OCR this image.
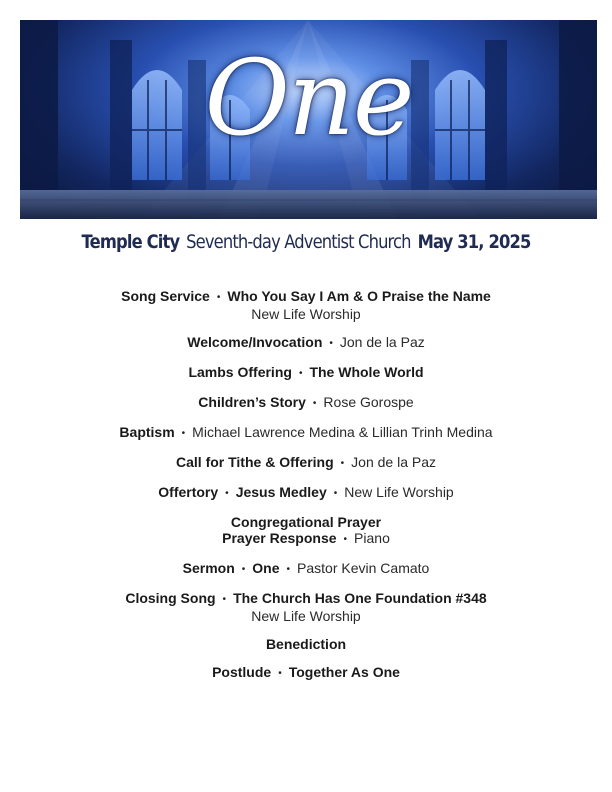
One
Temple City Seventh-day Adventist Church May 31, 2025
Song Service • Who You Say I Am & O Praise the Name
New Life Worship
Welcome/Invocation • Jon de la Paz
Lambs Offering • The Whole World
Children’s Story • Rose Gorospe
Baptism • Michael Lawrence Medina & Lillian Trinh Medina
Call for Tithe & Offering • Jon de la Paz
Offertory • Jesus Medley • New Life Worship
Congregational Prayer
Prayer Response • Piano
Sermon • One • Pastor Kevin Camato
Closing Song • The Church Has One Foundation #348
New Life Worship
Benediction
Postlude • Together As One
